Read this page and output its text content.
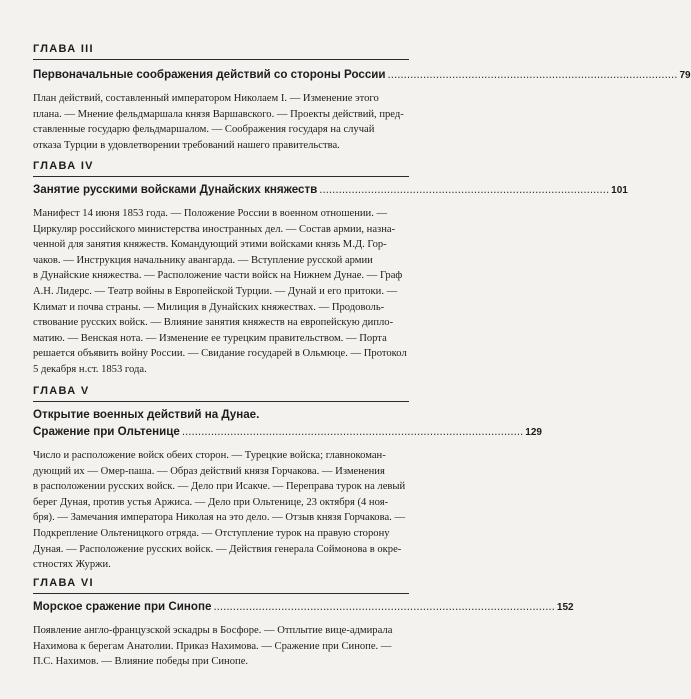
ГЛАВА III
Первоначальные соображения действий со стороны России .......................................................................................... 79
План действий, составленный императором Николаем I. — Изменение этого
плана. — Мнение фельдмаршала князя Варшавского. — Проекты действий, пред-
ставленные государю фельдмаршалом. — Соображения государя на случай
отказа Турции в удовлетворении требований нашего правительства.
ГЛАВА IV
Занятие русскими войсками Дунайских княжеств .......................................................................................... 101
Манифест 14 июня 1853 года. — Положение России в военном отношении. —
Циркуляр российского министерства иностранных дел. — Состав армии, назна-
ченной для занятия княжеств. Командующий этими войсками князь М.Д. Гор-
чаков. — Инструкция начальнику авангарда. — Вступление русской армии
в Дунайские княжества. — Расположение части войск на Нижнем Дунае. — Граф
А.Н. Лидерс. — Театр войны в Европейской Турции. — Дунай и его притоки. —
Климат и почва страны. — Милиция в Дунайских княжествах. — Продоволь-
ствование русских войск. — Влияние занятия княжеств на европейскую дипло-
матию. — Венская нота. — Изменение ее турецким правительством. — Порта
решается объявить войну России. — Свидание государей в Ольмюце. — Протокол
5 декабря н.ст. 1853 года.
ГЛАВА V
Открытие военных действий на Дунае.
Сражение при Ольтенице .......................................................................................................... 129
Число и расположение войск обеих сторон. — Турецкие войска; главнокоман-
дующий их — Омер-паша. — Образ действий князя Горчакова. — Изменения
в расположении русских войск. — Дело при Исакче. — Переправа турок на левый
берег Дуная, против устья Аржиса. — Дело при Ольтенице, 23 октября (4 ноя-
бря). — Замечания императора Николая на это дело. — Отзыв князя Горчакова. —
Подкрепление Ольтеницкого отряда. — Отступление турок на правую сторону
Дуная. — Расположение русских войск. — Действия генерала Соймонова в окре-
стностях Журжи.
ГЛАВА VI
Морское сражение при Синопе .......................................................................................................... 152
Появление англо-французской эскадры в Босфоре. — Отплытие вице-адмирала
Нахимова к берегам Анатолии. Приказ Нахимова. — Сражение при Синопе. —
П.С. Нахимов. — Влияние победы при Синопе.
